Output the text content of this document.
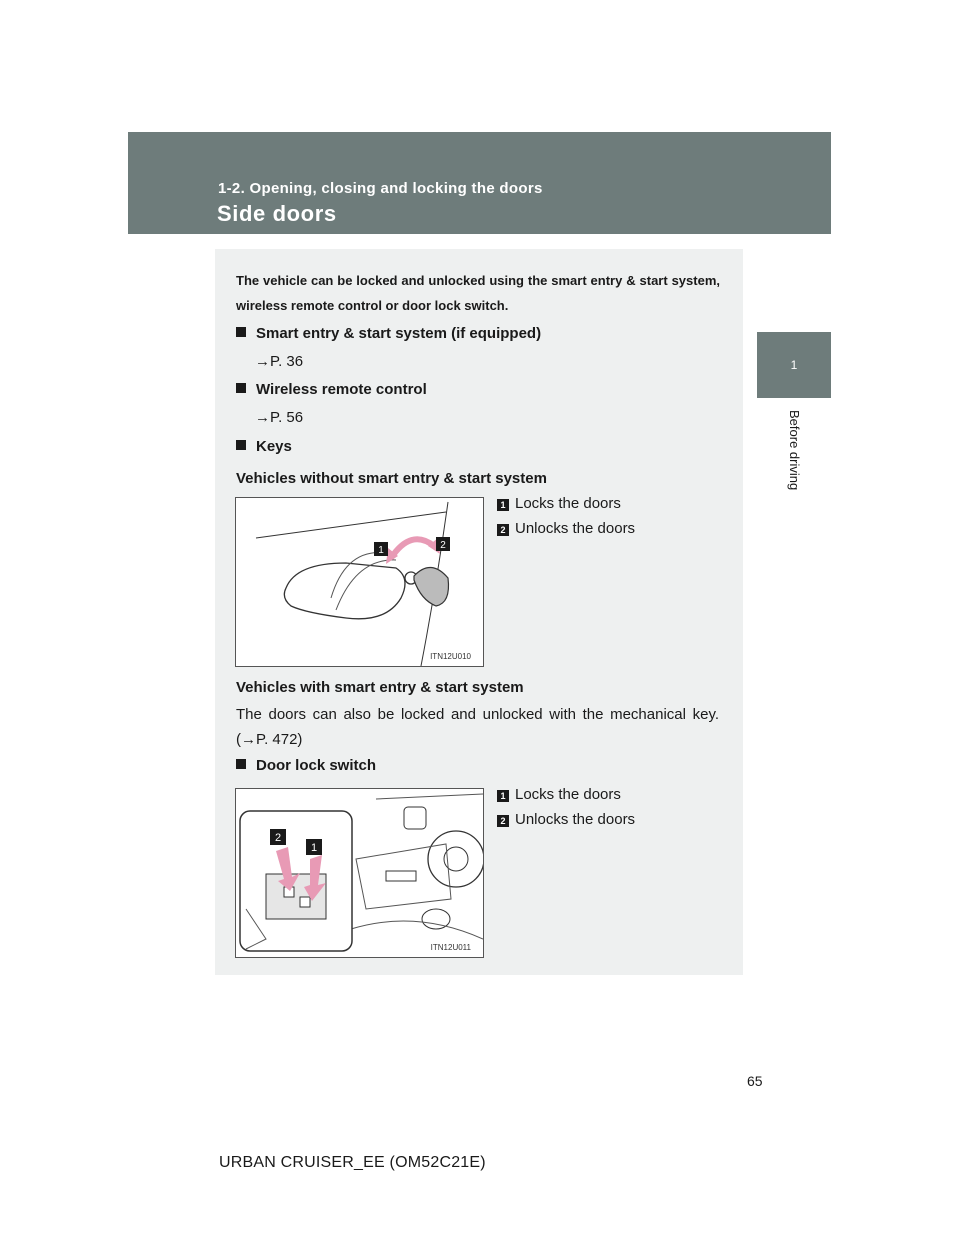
1-2. Opening, closing and locking the doors
Side doors
1
Before driving
The vehicle can be locked and unlocked using the smart entry & start system, wireless remote control or door lock switch.
Smart entry & start system (if equipped)
→P. 36
Wireless remote control
→P. 56
Keys
Vehicles without smart entry & start system
1	2
ITN12U010
1 Locks the doors
2 Unlocks the doors
Vehicles with smart entry & start system
The doors can also be locked and unlocked with the mechanical key. (→P. 472)
Door lock switch
2
1
ITN12U011
1 Locks the doors
2 Unlocks the doors
65
URBAN CRUISER_EE (OM52C21E)
